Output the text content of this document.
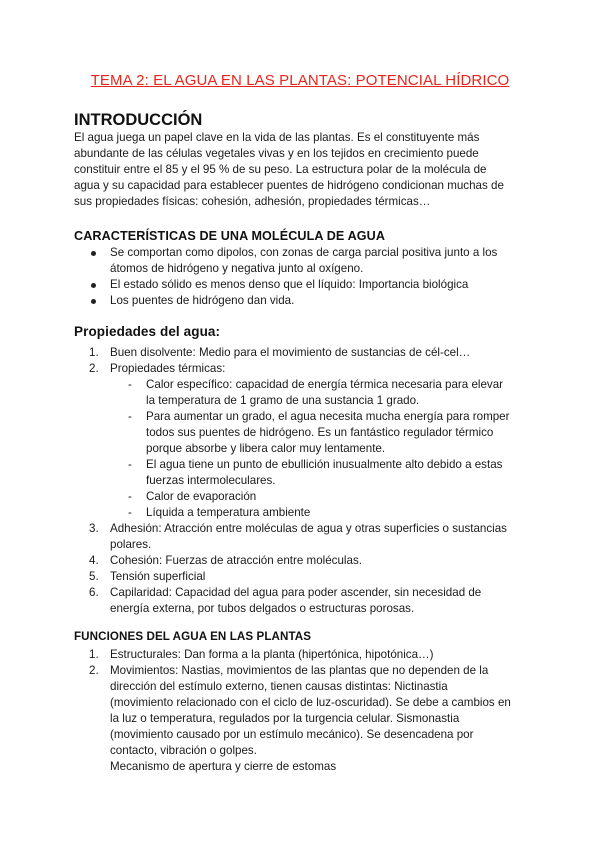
TEMA 2: EL AGUA EN LAS PLANTAS: POTENCIAL HÍDRICO
INTRODUCCIÓN
El agua juega un papel clave en la vida de las plantas. Es el constituyente más
abundante de las células vegetales vivas y en los tejidos en crecimiento puede
constituir entre el 85 y el 95 % de su peso. La estructura polar de la molécula de
agua y su capacidad para establecer puentes de hidrógeno condicionan muchas de
sus propiedades físicas: cohesión, adhesión, propiedades térmicas…
CARACTERÍSTICAS DE UNA MOLÉCULA DE AGUA
Se comportan como dipolos, con zonas de carga parcial positiva junto a los
átomos de hidrógeno y negativa junto al oxígeno.
El estado sólido es menos denso que el líquido: Importancia biológica
Los puentes de hidrógeno dan vida.
Propiedades del agua:
1. Buen disolvente: Medio para el movimiento de sustancias de cél-cel…
2. Propiedades térmicas:
- Calor específico: capacidad de energía térmica necesaria para elevar
la temperatura de 1 gramo de una sustancia 1 grado.
- Para aumentar un grado, el agua necesita mucha energía para romper
todos sus puentes de hidrógeno. Es un fantástico regulador térmico
porque absorbe y libera calor muy lentamente.
- El agua tiene un punto de ebullición inusualmente alto debido a estas
fuerzas intermoleculares.
- Calor de evaporación
- Líquida a temperatura ambiente
3. Adhesión: Atracción entre moléculas de agua y otras superficies o sustancias
polares.
4. Cohesión: Fuerzas de atracción entre moléculas.
5. Tensión superficial
6. Capilaridad: Capacidad del agua para poder ascender, sin necesidad de
energía externa, por tubos delgados o estructuras porosas.
FUNCIONES DEL AGUA EN LAS PLANTAS
1. Estructurales: Dan forma a la planta (hipertónica, hipotónica…)
2. Movimientos: Nastias, movimientos de las plantas que no dependen de la
dirección del estímulo externo, tienen causas distintas: Nictinastia
(movimiento relacionado con el ciclo de luz-oscuridad). Se debe a cambios en
la luz o temperatura, regulados por la turgencia celular. Sismonastia
(movimiento causado por un estímulo mecánico). Se desencadena por
contacto, vibración o golpes.
Mecanismo de apertura y cierre de estomas
